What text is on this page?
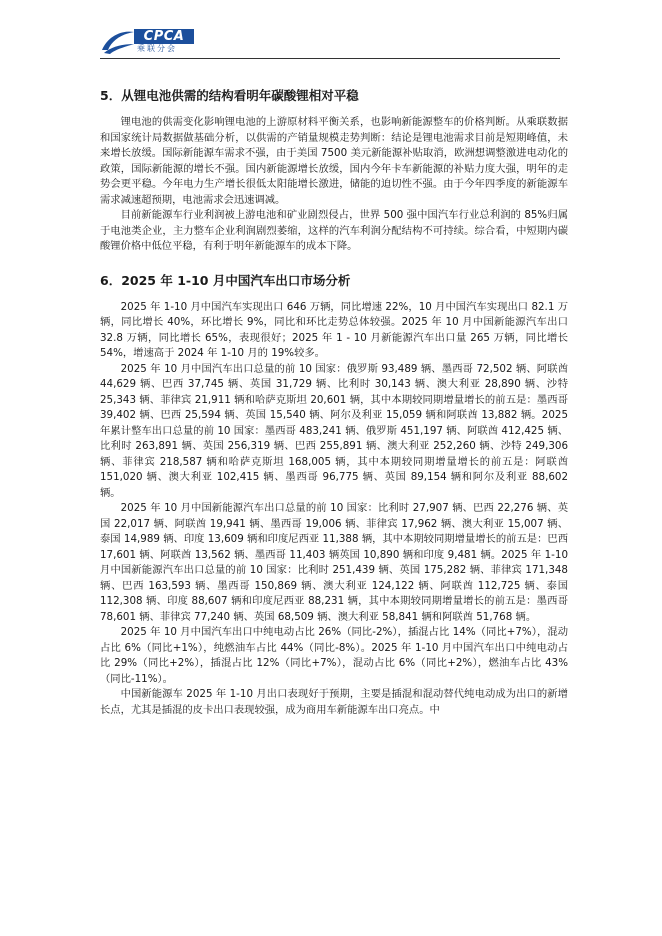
CPCA
乘联分会
5．从锂电池供需的结构看明年碳酸锂相对平稳

锂电池的供需变化影响锂电池的上游原材料平衡关系，也影响新能源整车的价格判断。从乘联数据和国家统计局数据做基础分析，以供需的产销量规模走势判断：结论是锂电池需求目前是短期峰值，未来增长放缓。国际新能源车需求不强，由于美国 7500 美元新能源补贴取消，欧洲想调整激进电动化的政策，国际新能源的增长不强。国内新能源增长放缓，国内今年卡车新能源的补贴力度大强，明年的走势会更平稳。今年电力生产增长很低太阳能增长激进，储能的迫切性不强。由于今年四季度的新能源车需求减速超预期，电池需求会迅速调减。

目前新能源车行业利润被上游电池和矿业剧烈侵占，世界 500 强中国汽车行业总利润的 85%归属于电池类企业，主力整车企业利润剧烈萎缩，这样的汽车利润分配结构不可持续。综合看，中短期内碳酸锂价格中低位平稳，有利于明年新能源车的成本下降。

6．2025 年 1-10 月中国汽车出口市场分析

2025 年 1-10 月中国汽车实现出口 646 万辆，同比增速 22%，10 月中国汽车实现出口 82.1 万辆，同比增长 40%，环比增长 9%，同比和环比走势总体较强。2025 年 10 月中国新能源汽车出口 32.8 万辆，同比增长 65%，表现很好；2025 年 1 - 10 月新能源汽车出口量 265 万辆，同比增长 54%，增速高于 2024 年 1-10 月的 19%较多。

2025 年 10 月中国汽车出口总量的前 10 国家：俄罗斯 93,489 辆、墨西哥 72,502 辆、阿联酋 44,629 辆、巴西 37,745 辆、英国 31,729 辆、比利时 30,143 辆、澳大利亚 28,890 辆、沙特 25,343 辆、菲律宾 21,911 辆和哈萨克斯坦 20,601 辆，其中本期较同期增量增长的前五是：墨西哥 39,402 辆、巴西 25,594 辆、英国 15,540 辆、阿尔及利亚 15,059 辆和阿联酋 13,882 辆。2025 年累计整车出口总量的前 10 国家：墨西哥 483,241 辆、俄罗斯 451,197 辆、阿联酋 412,425 辆、比利时 263,891 辆、英国 256,319 辆、巴西 255,891 辆、澳大利亚 252,260 辆、沙特 249,306 辆、菲律宾 218,587 辆和哈萨克斯坦 168,005 辆，其中本期较同期增量增长的前五是：阿联酋 151,020 辆、澳大利亚 102,415 辆、墨西哥 96,775 辆、英国 89,154 辆和阿尔及利亚 88,602 辆。

2025 年 10 月中国新能源汽车出口总量的前 10 国家：比利时 27,907 辆、巴西 22,276 辆、英国 22,017 辆、阿联酋 19,941 辆、墨西哥 19,006 辆、菲律宾 17,962 辆、澳大利亚 15,007 辆、泰国 14,989 辆、印度 13,609 辆和印度尼西亚 11,388 辆，其中本期较同期增量增长的前五是：巴西 17,601 辆、阿联酋 13,562 辆、墨西哥 11,403 辆英国 10,890 辆和印度 9,481 辆。2025 年 1-10 月中国新能源汽车出口总量的前 10 国家：比利时 251,439 辆、英国 175,282 辆、菲律宾 171,348 辆、巴西 163,593 辆、墨西哥 150,869 辆、澳大利亚 124,122 辆、阿联酋 112,725 辆、泰国 112,308 辆、印度 88,607 辆和印度尼西亚 88,231 辆，其中本期较同期增量增长的前五是：墨西哥 78,601 辆、菲律宾 77,240 辆、英国 68,509 辆、澳大利亚 58,841 辆和阿联酋 51,768 辆。

2025 年 10 月中国汽车出口中纯电动占比 26%（同比-2%），插混占比 14%（同比+7%），混动占比 6%（同比+1%），纯燃油车占比 44%（同比-8%）。2025 年 1-10 月中国汽车出口中纯电动占比 29%（同比+2%），插混占比 12%（同比+7%），混动占比 6%（同比+2%），燃油车占比 43%（同比-11%）。

中国新能源车 2025 年 1-10 月出口表现好于预期，主要是插混和混动替代纯电动成为出口的新增长点，尤其是插混的皮卡出口表现较强，成为商用车新能源车出口亮点。中
